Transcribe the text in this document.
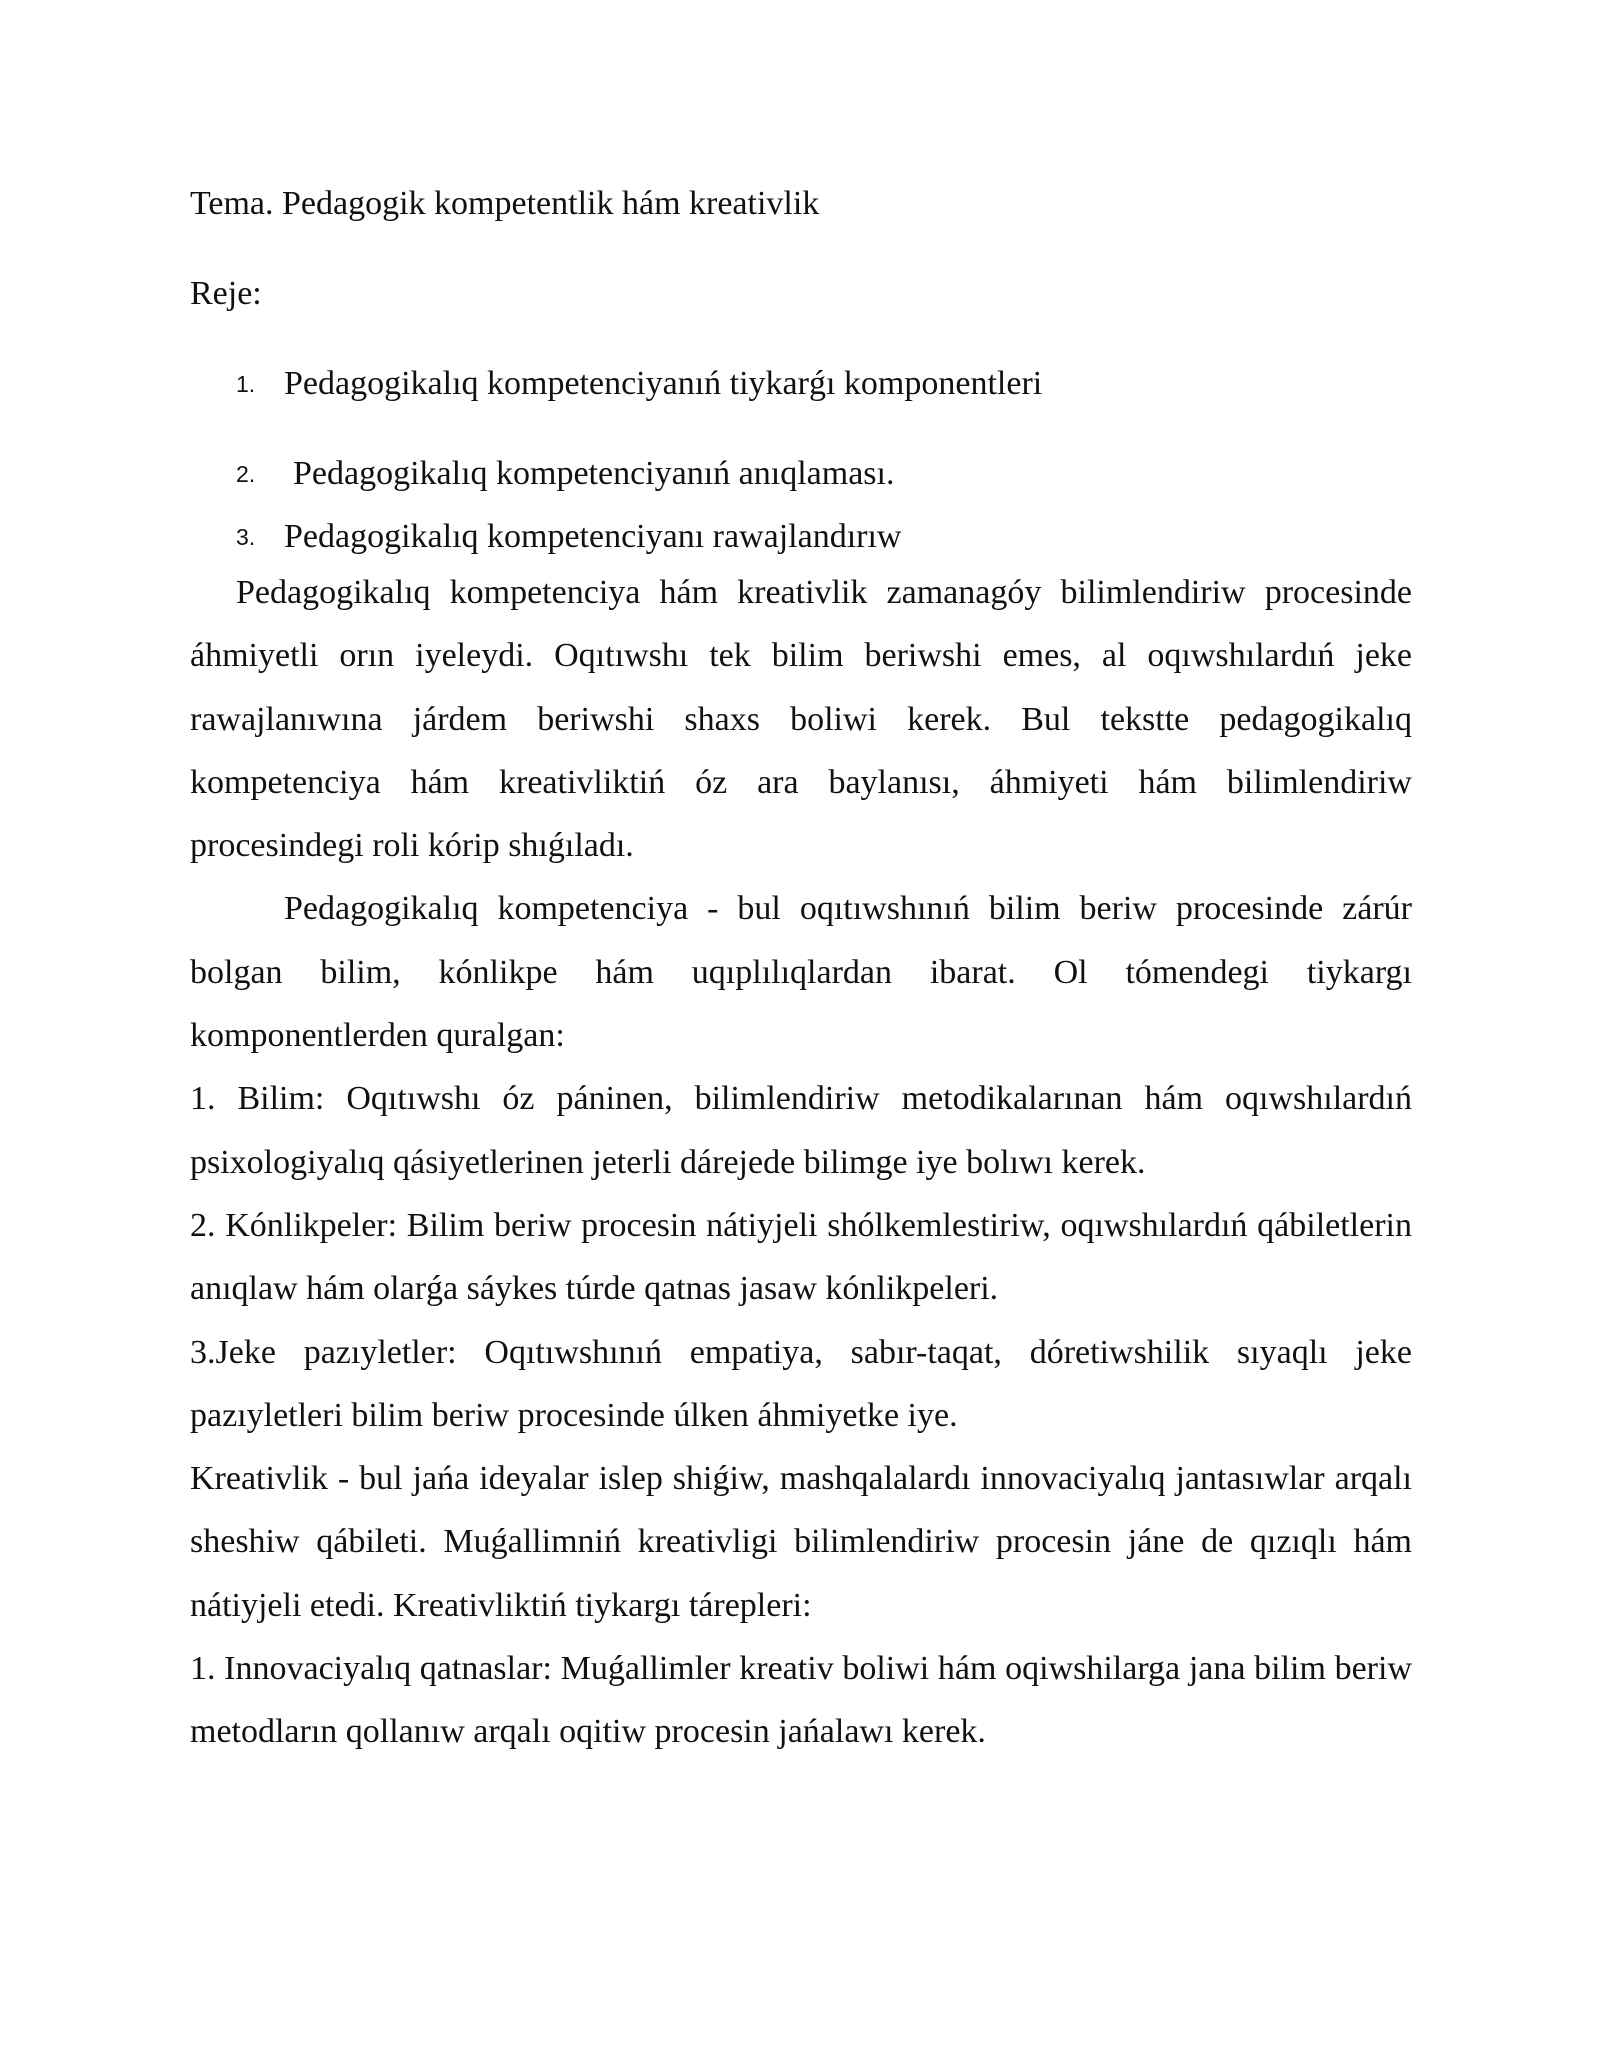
Tema. Pedagogik kompetentlik hám kreativlik
Reje:
1. Pedagogikalıq kompetenciyanıń tiykarǵı komponentleri
2. Pedagogikalıq kompetenciyanıń anıqlaması.
3. Pedagogikalıq kompetenciyanı rawajlandırıw

Pedagogikalıq kompetenciya hám kreativlik zamanagóy bilimlendiriw procesinde áhmiyetli orın iyeleydi. Oqıtıwshı tek bilim beriwshi emes, al oqıwshılardıń jeke rawajlanıwına járdem beriwshi shaxs boliwi kerek. Bul tekstte pedagogikalıq kompetenciya hám kreativliktiń óz ara baylanısı, áhmiyeti hám bilimlendiriw procesindegi roli kórip shıǵıladı.

Pedagogikalıq kompetenciya - bul oqıtıwshınıń bilim beriw procesinde zárúr bolgan bilim, kónlikpe hám uqıplılıqlardan ibarat. Ol tómendegi tiykargı komponentlerden quralgan:

1. Bilim: Oqıtıwshı óz páninen, bilimlendiriw metodikalarınan hám oqıwshılardıń psixologiyalıq qásiyetlerinen jeterli dárejede bilimge iye bolıwı kerek.

2. Kónlikpeler: Bilim beriw procesin nátiyjeli shólkemlestiriw, oqıwshılardıń qábiletlerin anıqlaw hám olarǵa sáykes túrde qatnas jasaw kónlikpeleri.

3.Jeke pazıyletler: Oqıtıwshınıń empatiya, sabır-taqat, dóretiwshilik sıyaqlı jeke pazıyletleri bilim beriw procesinde úlken áhmiyetke iye.

Kreativlik - bul jańa ideyalar islep shiǵiw, mashqalalardı innovaciyalıq jantasıwlar arqalı sheshiw qábileti. Muǵallimniń kreativligi bilimlendiriw procesin jáne de qızıqlı hám nátiyjeli etedi. Kreativliktiń tiykargı tárepleri:

1. Innovaciyalıq qatnaslar: Muǵallimler kreativ boliwi hám oqiwshilarga jana bilim beriw metodların qollanıw arqalı oqitiw procesin jańalawı kerek.
